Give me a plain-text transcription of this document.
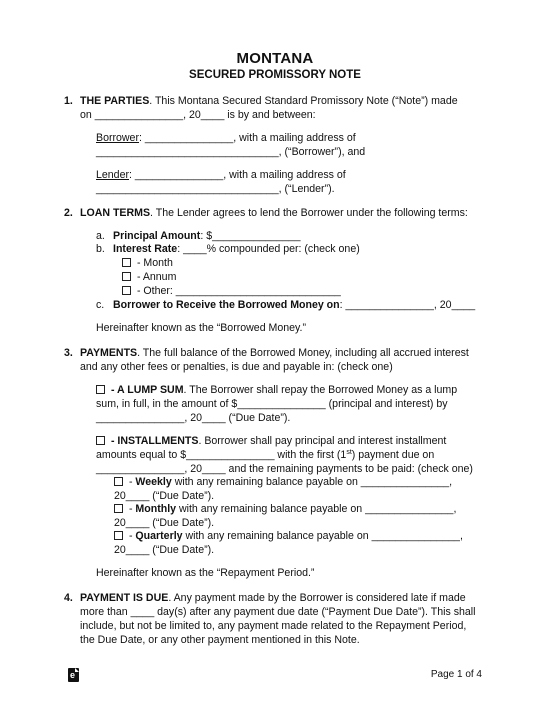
MONTANA
SECURED PROMISSORY NOTE
1. THE PARTIES. This Montana Secured Standard Promissory Note (“Note”) made
on _______________, 20____ is by and between:
Borrower: _______________, with a mailing address of
_______________________________, (“Borrower”), and
Lender: _______________, with a mailing address of
_______________________________, (“Lender”).
2. LOAN TERMS. The Lender agrees to lend the Borrower under the following terms:
a. Principal Amount: $_______________
b. Interest Rate: ____% compounded per: (check one)
- Month
- Annum
- Other: ____________________________
c. Borrower to Receive the Borrowed Money on: _______________, 20____
Hereinafter known as the “Borrowed Money.”
3. PAYMENTS. The full balance of the Borrowed Money, including all accrued interest
and any other fees or penalties, is due and payable in: (check one)
- A LUMP SUM. The Borrower shall repay the Borrowed Money as a lump
sum, in full, in the amount of $_______________ (principal and interest) by
_______________, 20____ (“Due Date”).
- INSTALLMENTS. Borrower shall pay principal and interest installment
amounts equal to $_______________ with the first (1st) payment due on
_______________, 20____ and the remaining payments to be paid: (check one)
- Weekly with any remaining balance payable on _______________,
20____ (“Due Date”).
- Monthly with any remaining balance payable on _______________,
20____ (“Due Date”).
- Quarterly with any remaining balance payable on _______________,
20____ (“Due Date”).
Hereinafter known as the “Repayment Period.”
4. PAYMENT IS DUE. Any payment made by the Borrower is considered late if made
more than ____ day(s) after any payment due date (“Payment Due Date”). This shall
include, but not be limited to, any payment made related to the Repayment Period,
the Due Date, or any other payment mentioned in this Note.
e	Page 1 of 4
